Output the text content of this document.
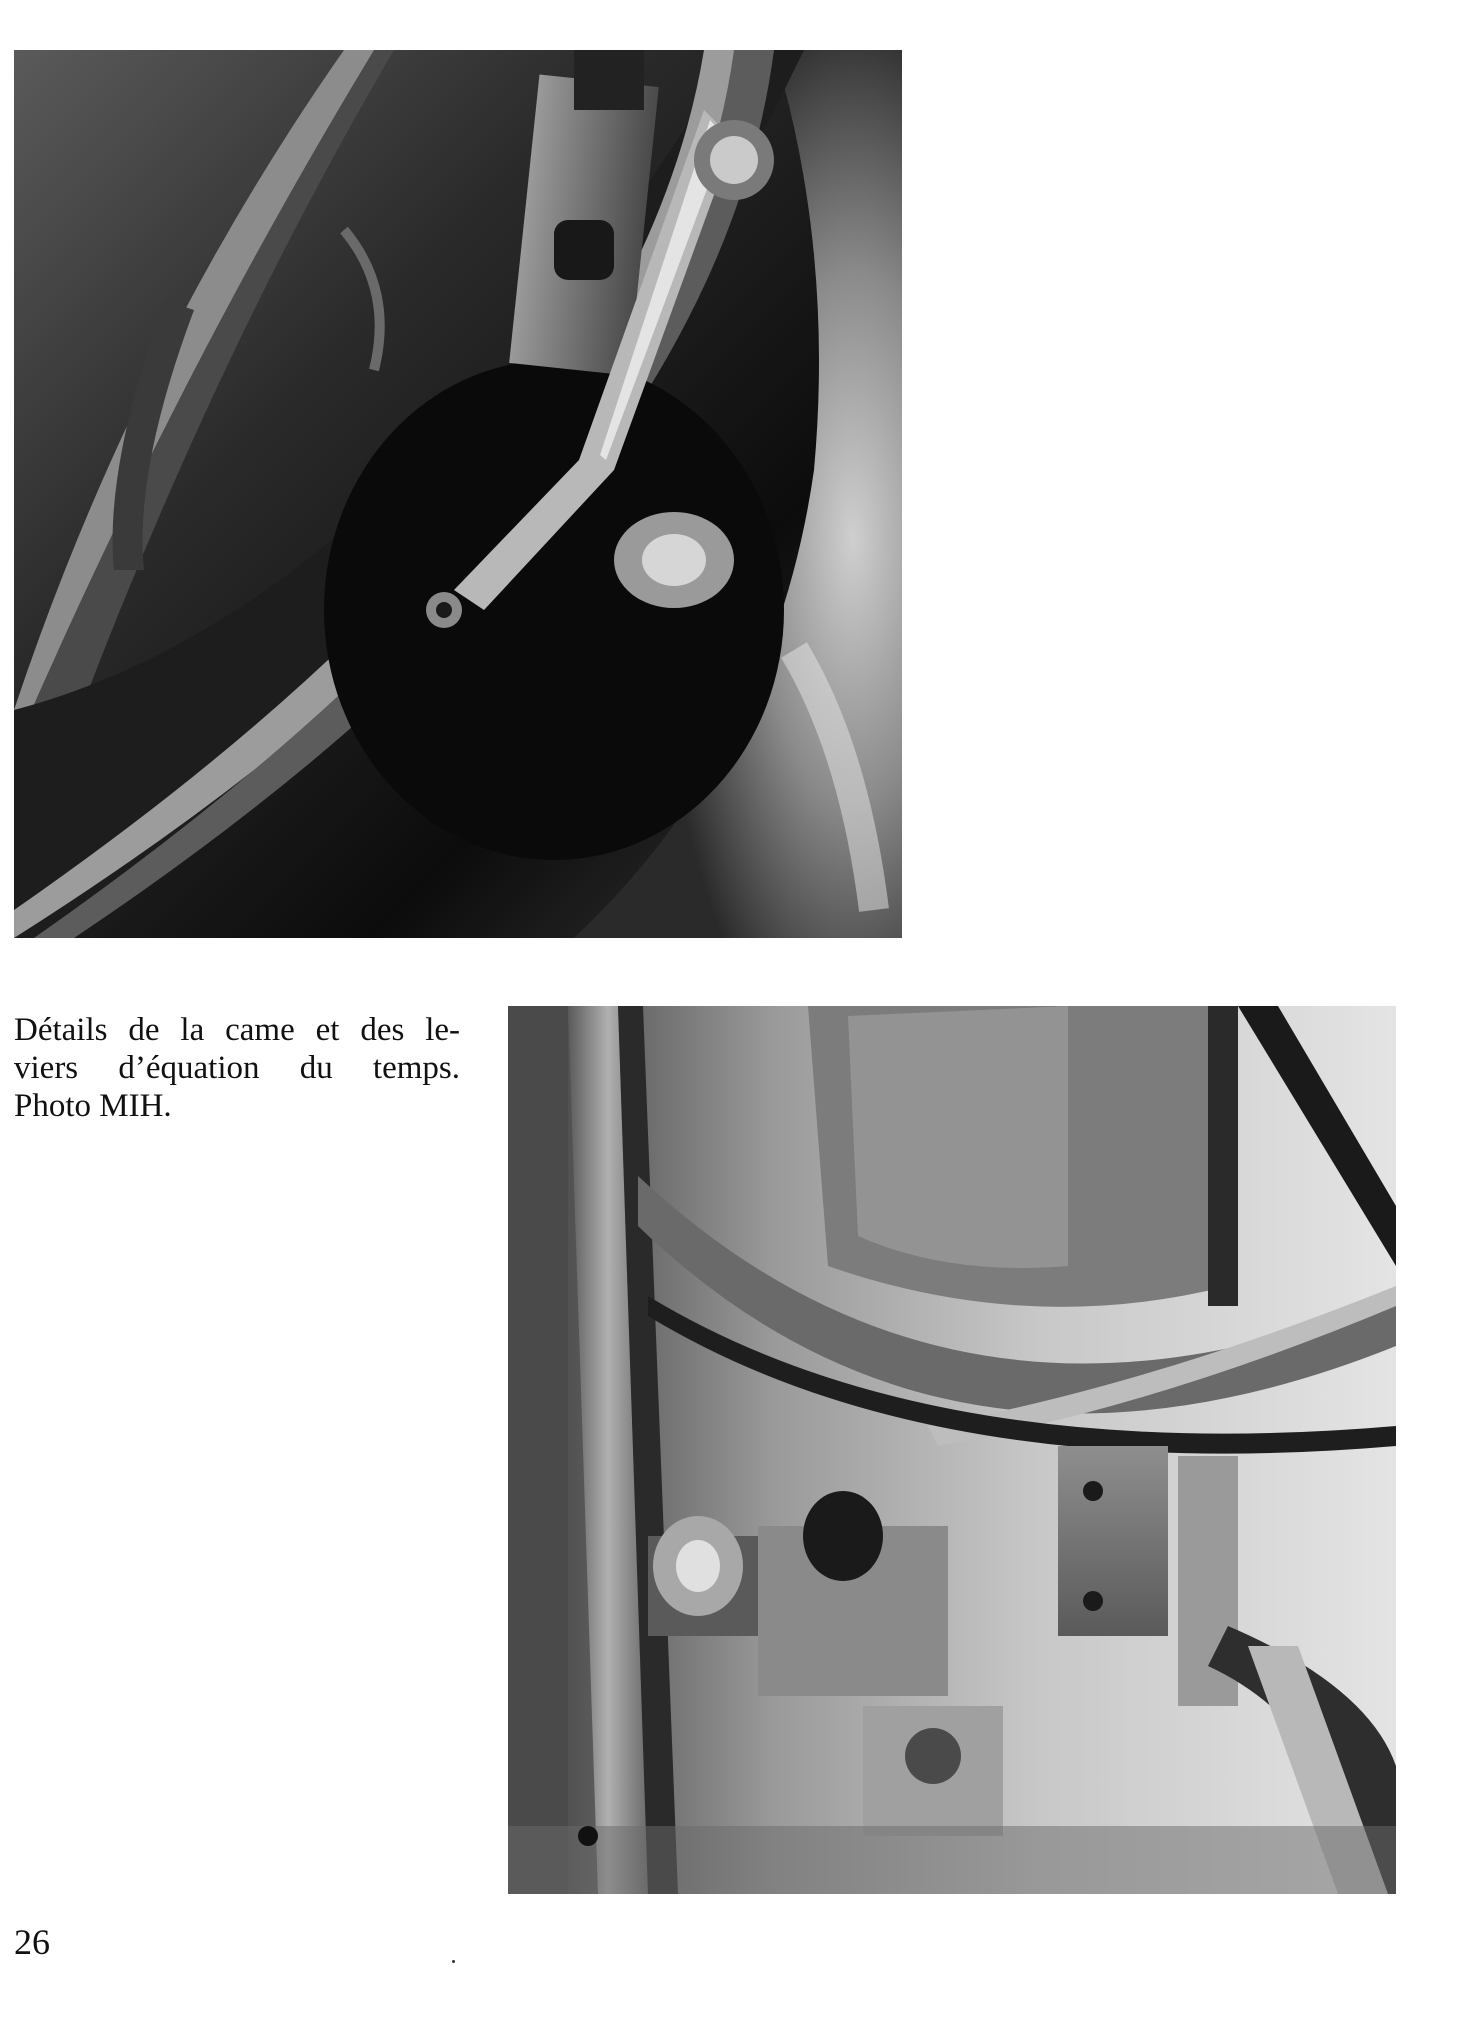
Détails de la came et des le-
viers d’équation du temps.
Photo MIH.
26
